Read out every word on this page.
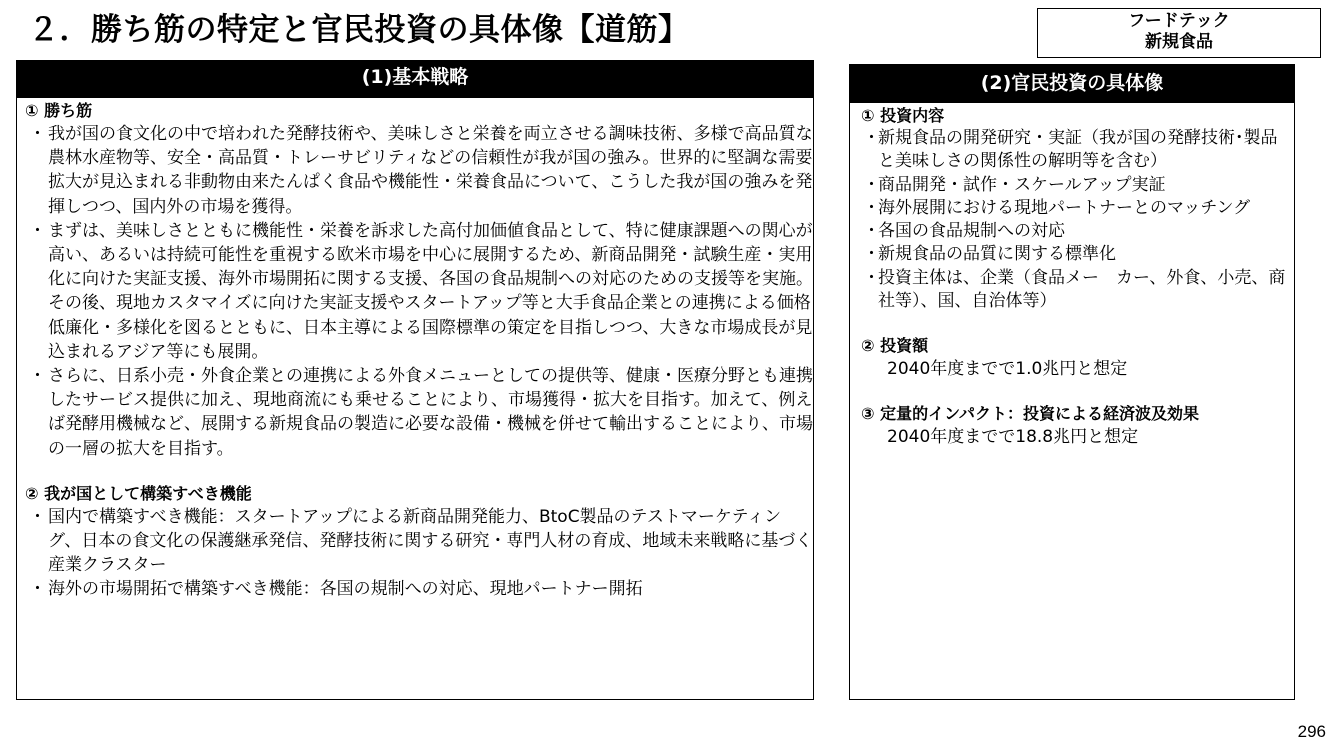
２．勝ち筋の特定と官民投資の具体像【道筋】	フードテック
新規食品
(1)基本戦略
① 勝ち筋
・ 我が国の食文化の中で培われた発酵技術や、美味しさと栄養を両立させる調味技術、多様で高品質な農林水産物等、安全・高品質・トレーサビリティなどの信頼性が我が国の強み。世界的に堅調な需要拡大が見込まれる非動物由来たんぱく食品や機能性・栄養食品について、こうした我が国の強みを発揮しつつ、国内外の市場を獲得。
・ まずは、美味しさとともに機能性・栄養を訴求した高付加価値食品として、特に健康課題への関心が高い、あるいは持続可能性を重視する欧米市場を中心に展開するため、新商品開発・試験生産・実用化に向けた実証支援、海外市場開拓に関する支援、各国の食品規制への対応のための支援等を実施。その後、現地カスタマイズに向けた実証支援やスタートアップ等と大手食品企業との連携による価格低廉化・多様化を図るとともに、日本主導による国際標準の策定を目指しつつ、大きな市場成長が見込まれるアジア等にも展開。
・ さらに、日系小売・外食企業との連携による外食メニューとしての提供等、健康・医療分野とも連携したサービス提供に加え、現地商流にも乗せることにより、市場獲得・拡大を目指す。加えて、例えば発酵用機械など、展開する新規食品の製造に必要な設備・機械を併せて輸出することにより、市場の一層の拡大を目指す。
② 我が国として構築すべき機能
・ 国内で構築すべき機能：スタートアップによる新商品開発能力、BtoC製品のテストマーケティング、日本の食文化の保護継承発信、発酵技術に関する研究・専門人材の育成、地域未来戦略に基づく産業クラスター
・ 海外の市場開拓で構築すべき機能：各国の規制への対応、現地パートナー開拓
(2)官民投資の具体像
① 投資内容
・
新規食品の開発研究・実証（我が国の発酵技術･製品と美味しさの関係性の解明等を含む）
・
商品開発・試作・スケールアップ実証
・
海外展開における現地パートナーとのマッチング
・
各国の食品規制への対応
・
新規食品の品質に関する標準化
・
投資主体は、企業（食品メー　カー、外食、小売、商社等）、国、自治体等）
② 投資額
2040年度までで1.0兆円と想定
③ 定量的インパクト：投資による経済波及効果
2040年度までで18.8兆円と想定
296
